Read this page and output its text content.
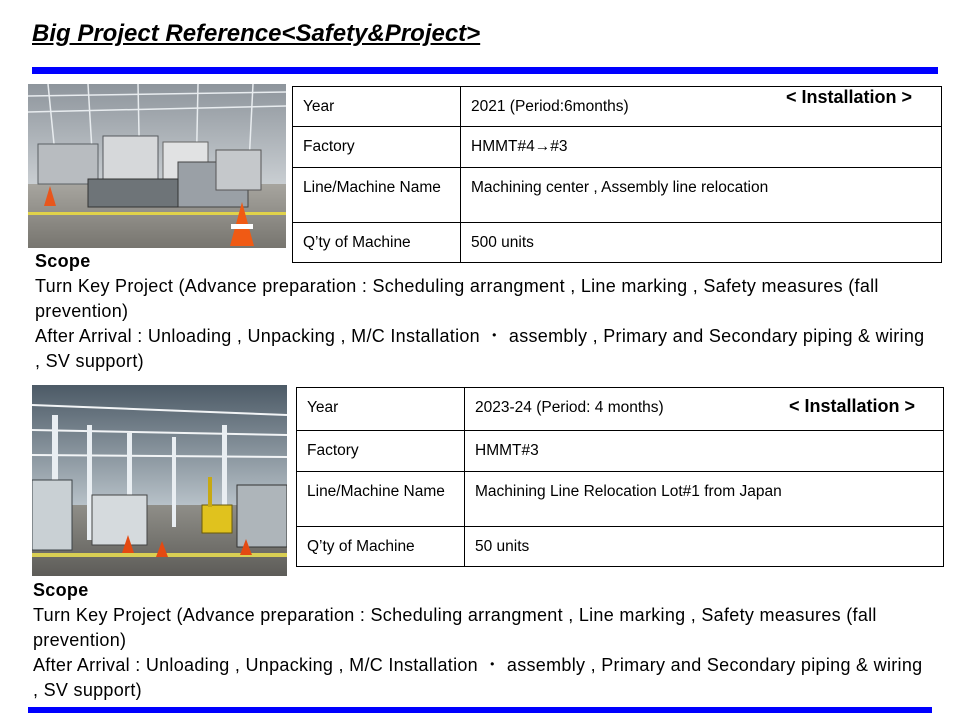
Big Project Reference<Safety&Project>
Year	2021 (Period:6months)
Factory	HMMT#4→#3
Line/Machine Name	Machining center , Assembly line relocation
Q’ty of Machine	500 units
< Installation >
Scope
Turn Key Project (Advance preparation : Scheduling arrangment , Line marking , Safety measures (fall prevention)
After Arrival : Unloading , Unpacking , M/C Installation ・ assembly , Primary and Secondary piping & wiring , SV support)
Year	2023-24 (Period: 4 months)
Factory	HMMT#3
Line/Machine Name	Machining Line Relocation Lot#1 from Japan
Q’ty of Machine	50 units
< Installation >
Scope
Turn Key Project (Advance preparation : Scheduling arrangment , Line marking , Safety measures (fall prevention)
After Arrival : Unloading , Unpacking , M/C Installation ・ assembly , Primary and Secondary piping & wiring , SV support)
